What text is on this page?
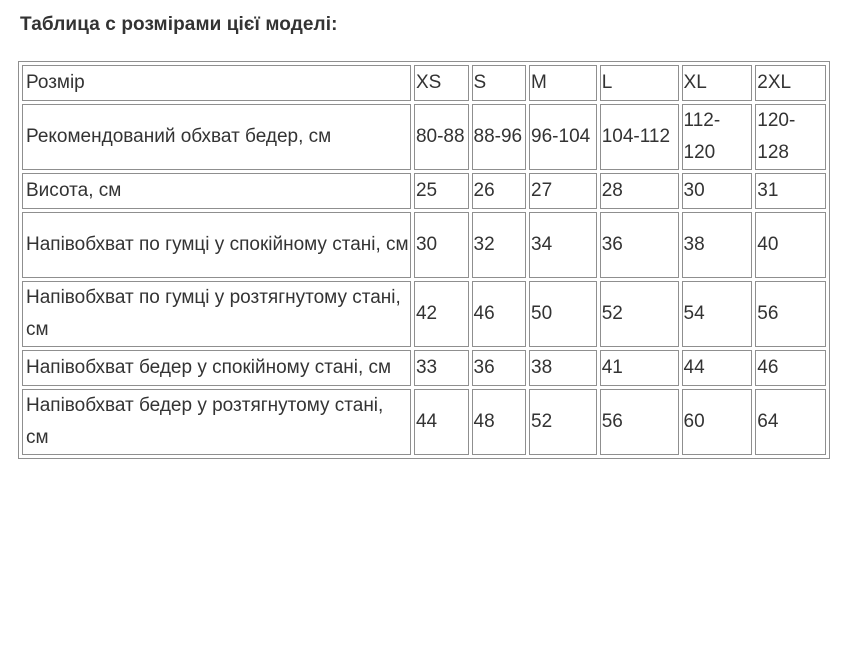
Таблица с розмірами цієї моделі:
Розмір	XS	S	M	L	XL	2XL
Рекомендований обхват бедер, см	80-88	88-96	96-104	104-112	112-120	120-128
Висота, см	25	26	27	28	30	31
Напівобхват по гумці у спокійному стані, см	30	32	34	36	38	40
Напівобхват по гумці у розтягнутому стані, см	42	46	50	52	54	56
Напівобхват бедер у спокійному стані, см	33	36	38	41	44	46
Напівобхват бедер у розтягнутому стані, см	44	48	52	56	60	64
